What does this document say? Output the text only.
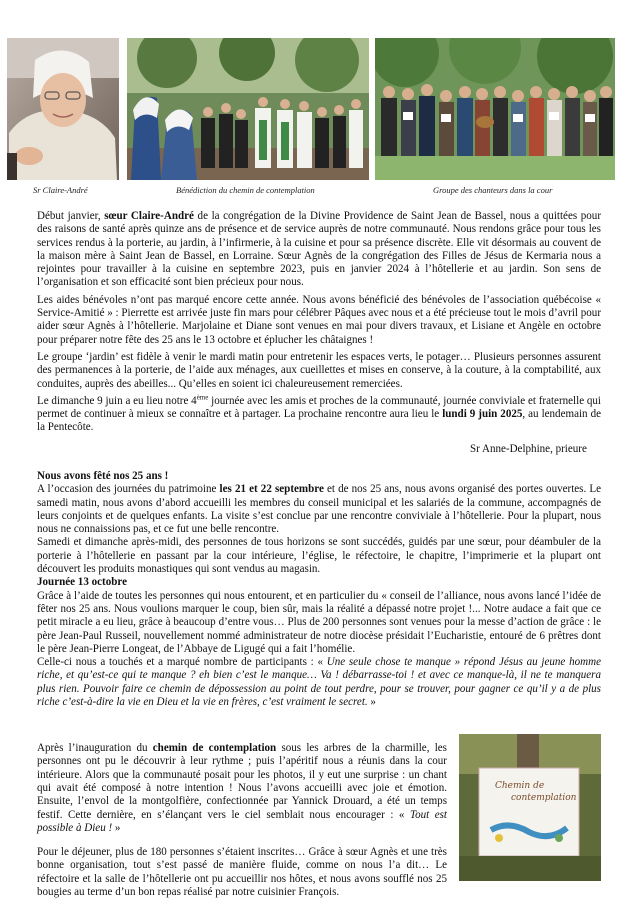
Sr Claire-André	Bénédiction du chemin de contemplation	Groupe des chanteurs dans la cour

Début janvier, sœur Claire-André de la congrégation de la Divine Providence de Saint Jean de Bassel, nous a quittées pour des raisons de santé après quinze ans de présence et de service auprès de notre communauté. Nous rendons grâce pour tous les services rendus à la porterie, au jardin, à l’infirmerie, à la cuisine et pour sa présence discrète. Elle vit désormais au couvent de la maison mère à Saint Jean de Bassel, en Lorraine. Sœur Agnès de la congrégation des Filles de Jésus de Kermaria nous a rejointes pour travailler à la cuisine en septembre 2023, puis en janvier 2024 à l’hôtellerie et au jardin. Son sens de l’organisation et son efficacité sont bien précieux pour nous.

Les aides bénévoles n’ont pas marqué encore cette année. Nous avons bénéficié des bénévoles de l’association québécoise « Service-Amitié » : Pierrette est arrivée juste fin mars pour célébrer Pâques avec nous et a été précieuse tout le mois d’avril pour aider sœur Agnès à l’hôtellerie. Marjolaine et Diane sont venues en mai pour divers travaux, et Lisiane et Angèle en octobre pour préparer notre fête des 25 ans le 13 octobre et éplucher les châtaignes !

Le groupe ‘jardin’ est fidèle à venir le mardi matin pour entretenir les espaces verts, le potager… Plusieurs personnes assurent des permanences à la porterie, de l’aide aux ménages, aux cueillettes et mises en conserve, à la couture, à la comptabilité, aux conduites, auprès des abeilles... Qu’elles en soient ici chaleureusement remerciées.

Le dimanche 9 juin a eu lieu notre 4ème journée avec les amis et proches de la communauté, journée conviviale et fraternelle qui permet de continuer à mieux se connaître et à partager. La prochaine rencontre aura lieu le lundi 9 juin 2025, au lendemain de la Pentecôte.

Sr Anne-Delphine, prieure
Nous avons fêté nos 25 ans !

A l’occasion des journées du patrimoine les 21 et 22 septembre et de nos 25 ans, nous avons organisé des portes ouvertes. Le samedi matin, nous avons d’abord accueilli les membres du conseil municipal et les salariés de la commune, accompagnés de leurs conjoints et de quelques enfants. La visite s’est conclue par une rencontre conviviale à l’hôtellerie. Pour la plupart, nous nous ne connaissions pas, et ce fut une belle rencontre.

Samedi et dimanche après-midi, des personnes de tous horizons se sont succédés, guidés par une sœur, pour déambuler de la porterie à l’hôtellerie en passant par la cour intérieure, l’église, le réfectoire, le chapitre, l’imprimerie et la plupart ont découvert les produits monastiques qui sont vendus au magasin.

Journée 13 octobre

Grâce à l’aide de toutes les personnes qui nous entourent, et en particulier du « conseil de l’alliance, nous avons lancé l’idée de fêter nos 25 ans. Nous voulions marquer le coup, bien sûr, mais la réalité a dépassé notre projet !... Notre audace a fait que ce petit miracle a eu lieu, grâce à beaucoup d’entre vous… Plus de 200 personnes sont venues pour la messe d’action de grâce : le père Jean-Paul Russeil, nouvellement nommé administrateur de notre diocèse présidait l’Eucharistie, entouré de 6 prêtres dont le père Jean-Pierre Longeat, de l’Abbaye de Ligugé qui a fait l’homélie.

Celle-ci nous a touchés et a marqué nombre de participants : « Une seule chose te manque » répond Jésus au jeune homme riche, et qu’est-ce qui te manque ? eh bien c’est le manque… Va ! débarrasse-toi ! et avec ce manque-là, il ne te manquera plus rien. Pouvoir faire ce chemin de dépossession au point de tout perdre, pour se trouver, pour gagner ce qu’il y a de plus riche c’est-à-dire la vie en Dieu et la vie en frères, c’est vraiment le secret. »

Après l’inauguration du chemin de contemplation sous les arbres de la charmille, les personnes ont pu le découvrir à leur rythme ; puis l’apéritif nous a réunis dans la cour intérieure. Alors que la communauté posait pour les photos, il y eut une surprise : un chant qui avait été composé à notre intention ! Nous l’avons accueilli avec joie et émotion. Ensuite, l’envol de la montgolfière, confectionnée par Yannick Drouard, a été un temps festif. Cette dernière, en s’élançant vers le ciel semblait nous encourager : « Tout est possible à Dieu ! »

Pour le déjeuner, plus de 180 personnes s’étaient inscrites… Grâce à sœur Agnès et une très bonne organisation, tout s’est passé de manière fluide, comme on nous l’a dit… Le réfectoire et la salle de l’hôtellerie ont pu accueillir nos hôtes, et nous avons soufflé nos 25 bougies au terme d’un bon repas réalisé par notre cuisinier François.

Chemin de
contemplation
